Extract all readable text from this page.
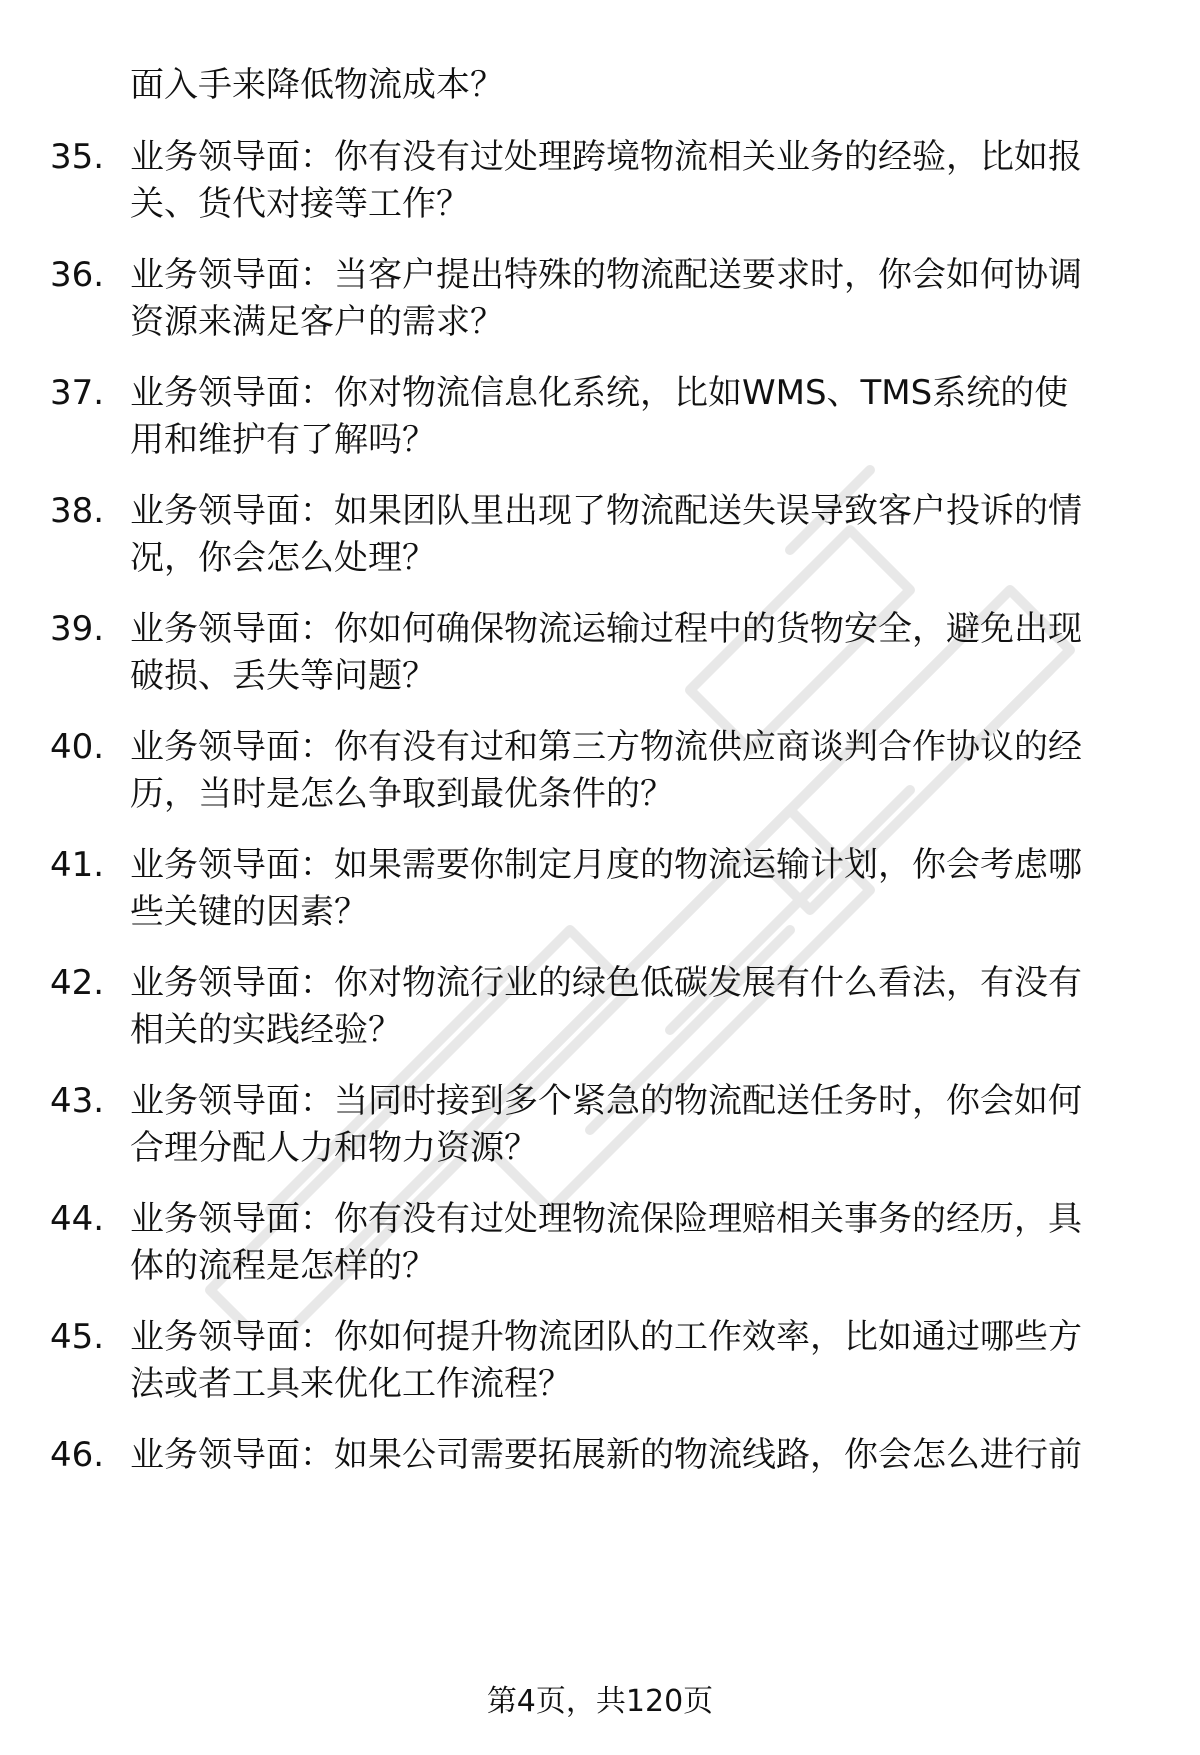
面入手来降低物流成本？
35. 业务领导面：你有没有过处理跨境物流相关业务的经验，比如报
关、货代对接等工作？
36. 业务领导面：当客户提出特殊的物流配送要求时，你会如何协调
资源来满足客户的需求？
37. 业务领导面：你对物流信息化系统，比如WMS、TMS系统的使
用和维护有了解吗？
38. 业务领导面：如果团队里出现了物流配送失误导致客户投诉的情
况，你会怎么处理？
39. 业务领导面：你如何确保物流运输过程中的货物安全，避免出现
破损、丢失等问题？
40. 业务领导面：你有没有过和第三方物流供应商谈判合作协议的经
历，当时是怎么争取到最优条件的？
41. 业务领导面：如果需要你制定月度的物流运输计划，你会考虑哪
些关键的因素？
42. 业务领导面：你对物流行业的绿色低碳发展有什么看法，有没有
相关的实践经验？
43. 业务领导面：当同时接到多个紧急的物流配送任务时，你会如何
合理分配人力和物力资源？
44. 业务领导面：你有没有过处理物流保险理赔相关事务的经历，具
体的流程是怎样的？
45. 业务领导面：你如何提升物流团队的工作效率，比如通过哪些方
法或者工具来优化工作流程？
46. 业务领导面：如果公司需要拓展新的物流线路，你会怎么进行前
第4页，共120页
